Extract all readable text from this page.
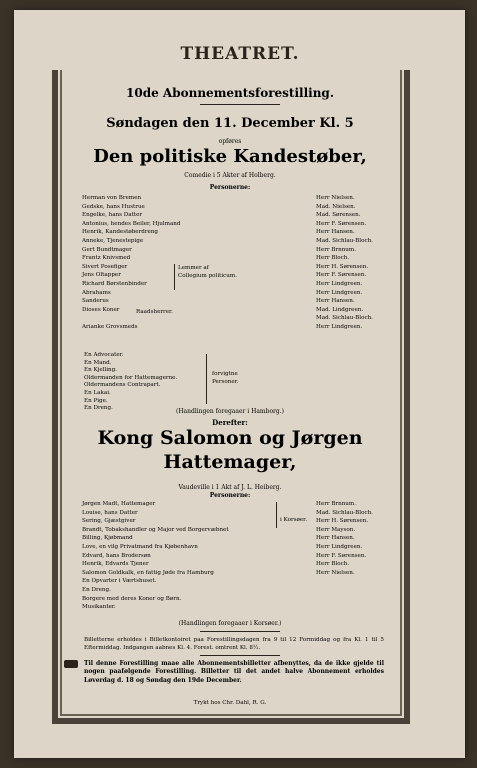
THEATRET.
10de Abonnementsforestilling.
Søndagen den 11. December Kl. 5
opføres
Den politiske Kandestøber,
Comedie i 5 Akter af Holberg.
Personerne:
Herman von Bremen	Herr Nielsen.
Gedske, hans Hustrue	Mad. Nielsen.
Engelke, hans Datter	Mad. Sørensen.
Antonius, hendes Beiler, Hjulmand	Herr F. Sørensen.
Henrik, Kandestøberdreng	Herr Hansen.
Anneke, Tjenestepige	Mad. Sichlau-Bloch.
Gert Bundtmager	Herr Brnnum.
Frantz Knivsmed	Herr Bloch.
Sivert Posefiger	Herr H. Sørensen.
Jens Oltapper	Herr F. Sørensen.
Richard Børstenbinder	Herr Lindgreen.
Abrahams	Herr Lindgreen.
Sanderus	Herr Hansen.
Dioses Koner	Mad. Lindgreen.
Mad. Sichlau-Bloch.
Arianke Grovsmeds	Herr Lindgreen.
Lemmer af Collegium politicum.
Raadsherrer.
En Advocater.
En Mand.
En Kjelling.
Oldermanden for Hattemagerne.
Oldermandens Contrapart.
En Lakai.
En Pige.
En Dreng.
forvigtne Personer.
(Handlingen foregaaer i Hamborg.)
Derefter:
Kong Salomon og Jørgen
Hattemager,
Vaudeville i 1 Akt af J. L. Heiberg.
Personerne:
Jørgen Madt, Hattemager	Herr Brnnum.
Louise, hans Datter	Mad. Sichlau-Bloch.
Sering, Gjæstgiver	Herr H. Sørensen.
Brandt, Tobakshandler og Major ved Borgervæbnet	Herr Mayson.
Billing, Kjøbmand	Herr Hansen.
Love, en vilg Privatmand fra Kjøbenhavn	Herr Lindgreen.
Edvard, hans Brodersøn	Herr F. Sørensen.
Henrik, Edvards Tjener	Herr Bloch.
Salomon Goldkalk, en fattig Jøde fra Hamburg	Herr Nielsen.
En Opvarter i Værtshuset.
En Dreng.
Borgere med deres Koner og Børn.
Musikanter.
i Korsøer.
(Handlingen foregaaer i Korsøer.)
Billetterne erholdes i Billetkontoiret paa Forestillingsdagen fra 9 til 12 Formiddag og fra Kl. 1 til 5 Eftermiddag. Indgangen aabnes Kl. 4. Forest. omtrent Kl. 8½.
Til denne Forestilling maae alle Abonnementsbilletter afbenyttes, da de ikke gjelde til nogen paafølgende Forestilling. Billetter til det andet halve Abonnement erholdes Løverdag d. 18 og Søndag den 19de December.
Trykt hos Chr. Dahl, R. G.
